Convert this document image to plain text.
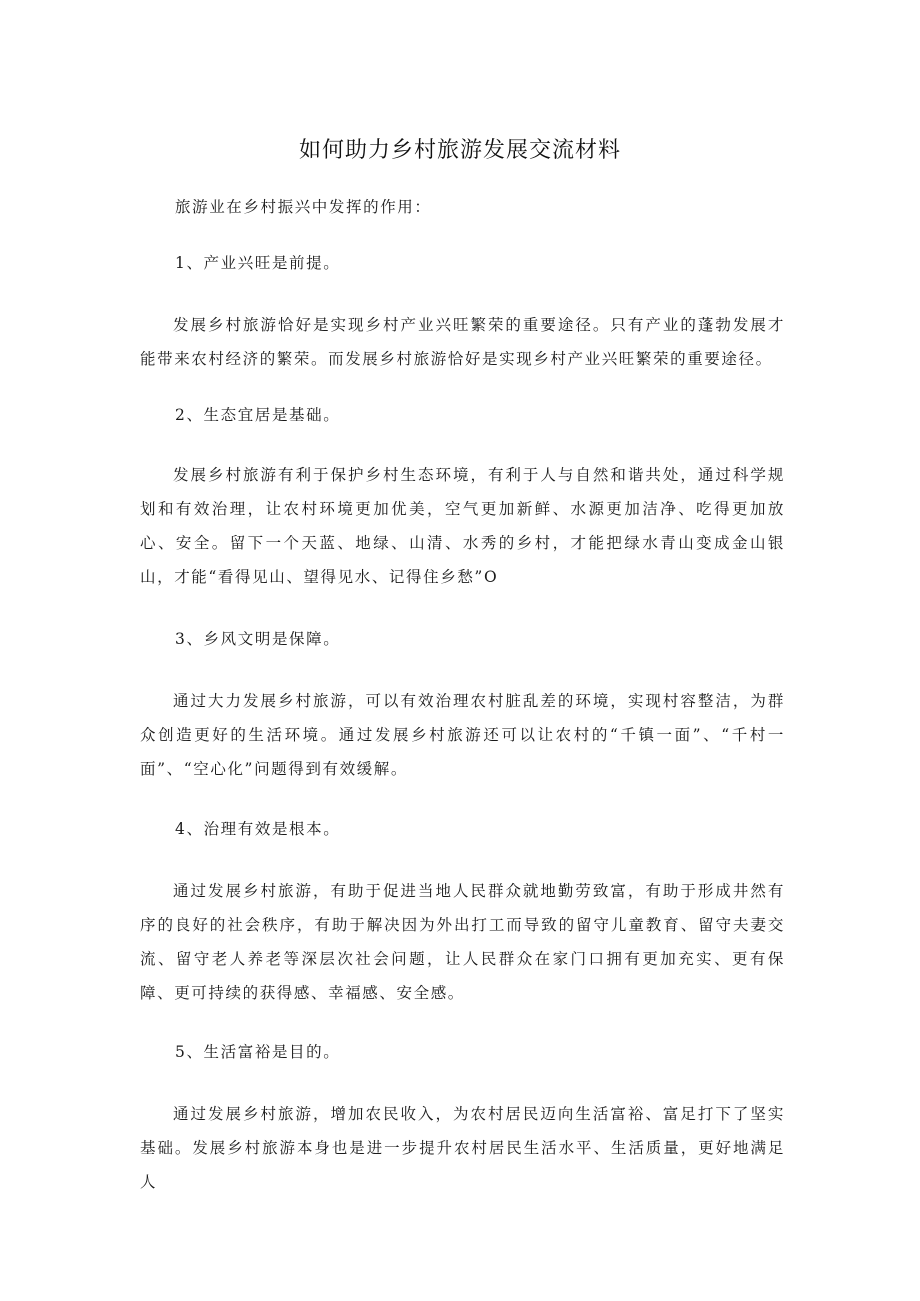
如何助力乡村旅游发展交流材料

旅游业在乡村振兴中发挥的作用：

1、产业兴旺是前提。

发展乡村旅游恰好是实现乡村产业兴旺繁荣的重要途径。只有产业的蓬勃发展才能带来农村经济的繁荣。而发展乡村旅游恰好是实现乡村产业兴旺繁荣的重要途径。

2、生态宜居是基础。

发展乡村旅游有利于保护乡村生态环境，有利于人与自然和谐共处，通过科学规划和有效治理，让农村环境更加优美，空气更加新鲜、水源更加洁净、吃得更加放心、安全。留下一个天蓝、地绿、山清、水秀的乡村，才能把绿水青山变成金山银山，才能“看得见山、望得见水、记得住乡愁”O

3、乡风文明是保障。

通过大力发展乡村旅游，可以有效治理农村脏乱差的环境，实现村容整洁，为群众创造更好的生活环境。通过发展乡村旅游还可以让农村的“千镇一面”、“千村一面”、“空心化”问题得到有效缓解。

4、治理有效是根本。

通过发展乡村旅游，有助于促进当地人民群众就地勤劳致富，有助于形成井然有序的良好的社会秩序，有助于解决因为外出打工而导致的留守儿童教育、留守夫妻交流、留守老人养老等深层次社会问题，让人民群众在家门口拥有更加充实、更有保障、更可持续的获得感、幸福感、安全感。

5、生活富裕是目的。

通过发展乡村旅游，增加农民收入，为农村居民迈向生活富裕、富足打下了坚实基础。发展乡村旅游本身也是进一步提升农村居民生活水平、生活质量，更好地满足人
